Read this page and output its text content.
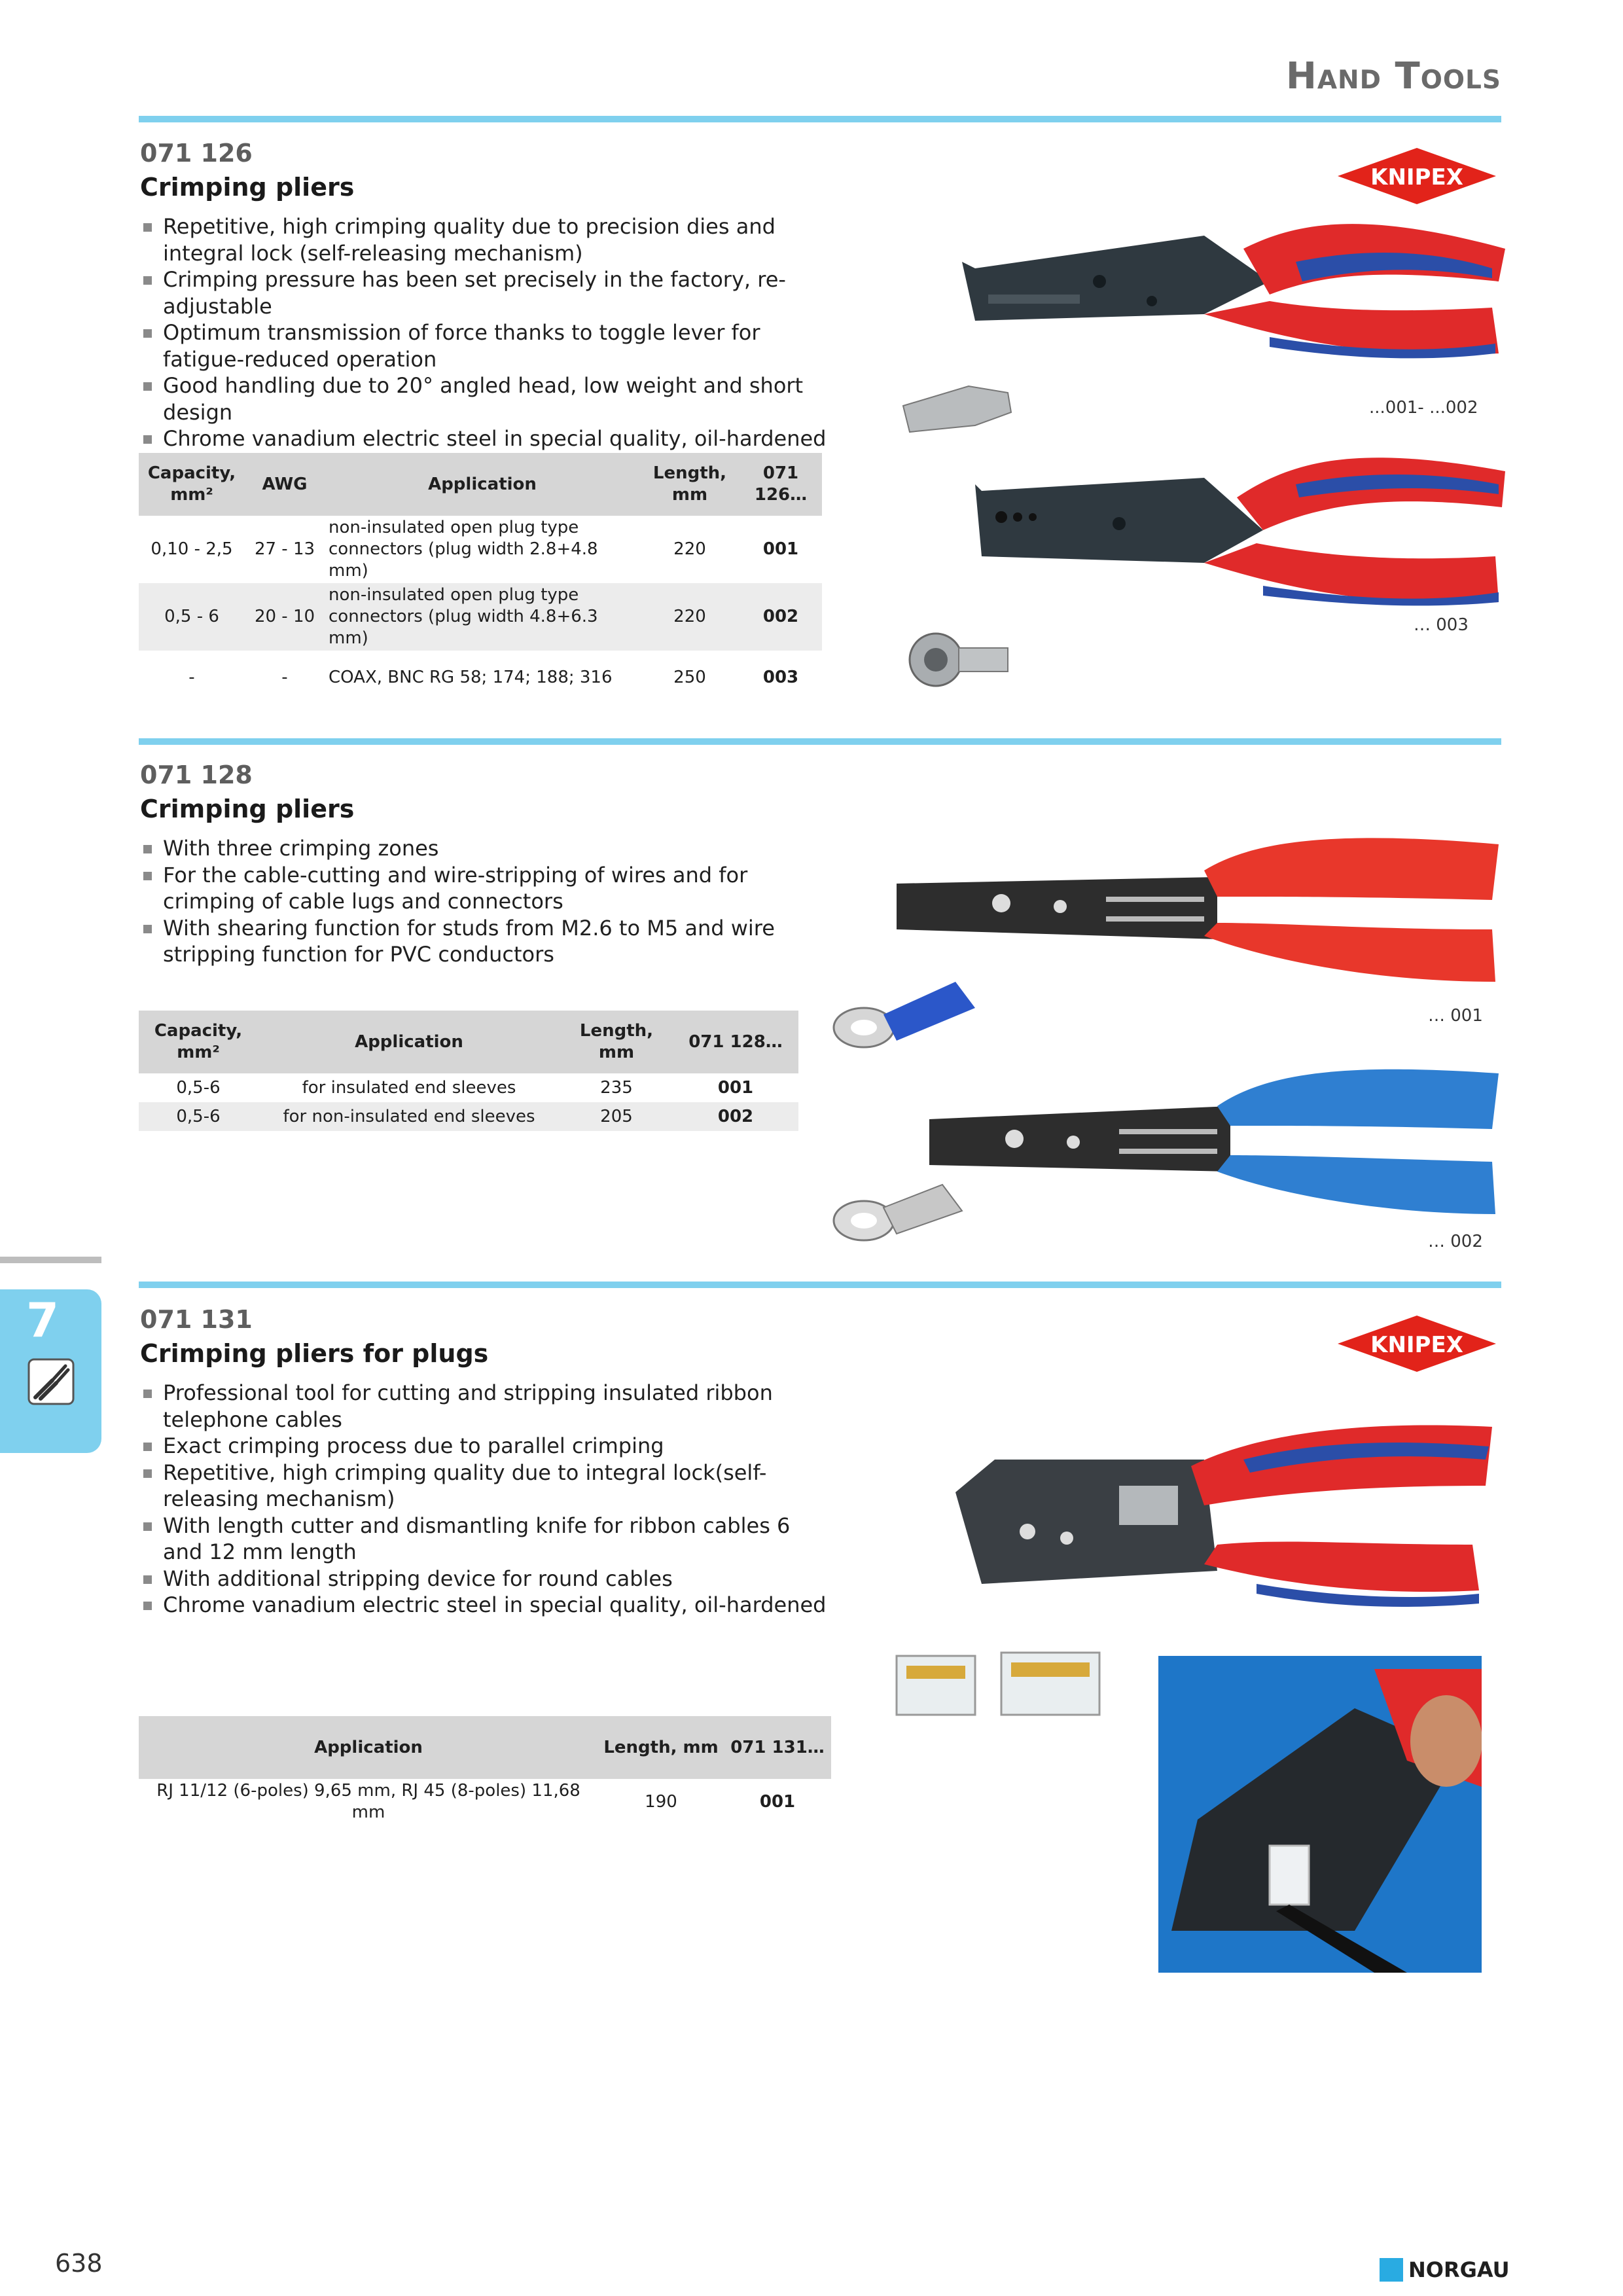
Hand Tools
071 126
Crimping pliers
Repetitive, high crimping quality due to precision dies and integral lock (self-releasing mechanism)
Crimping pressure has been set precisely in the factory, re-adjustable
Optimum transmission of force thanks to toggle lever for fatigue-reduced operation
Good handling due to 20° angled head, low weight and short design
Chrome vanadium electric steel in special quality, oil-hardened
Capacity, mm²	AWG	Application	Length, mm	071 126…
0,10 - 2,5	27 - 13	non-insulated open plug type connectors (plug width 2.8+4.8 mm)	220	001
0,5 - 6	20 - 10	non-insulated open plug type connectors (plug width 4.8+6.3 mm)	220	002
-	-	COAX, BNC RG 58; 174; 188; 316	250	003
KNIPEX
...001- ...002
… 003
071 128
Crimping pliers
With three crimping zones
For the cable-cutting and wire-stripping of wires and for crimping of cable lugs and connectors
With shearing function for studs from M2.6 to M5 and wire stripping function for PVC conductors
Capacity, mm²	Application	Length, mm	071 128…
0,5-6	for insulated end sleeves	235	001
0,5-6	for non-insulated end sleeves	205	002
… 001
… 002
071 131
Crimping pliers for plugs
Professional tool for cutting and stripping insulated ribbon telephone cables
Exact crimping process due to parallel crimping
Repetitive, high crimping quality due to integral lock(self-releasing mechanism)
With length cutter and dismantling knife for ribbon cables 6 and 12 mm length
With additional stripping device for round cables
Chrome vanadium electric steel in special quality, oil-hardened
Application	Length, mm	071 131…
RJ 11/12 (6-poles) 9,65 mm, RJ 45 (8-poles) 11,68 mm	190	001
KNIPEX
7
638	NORGAU
